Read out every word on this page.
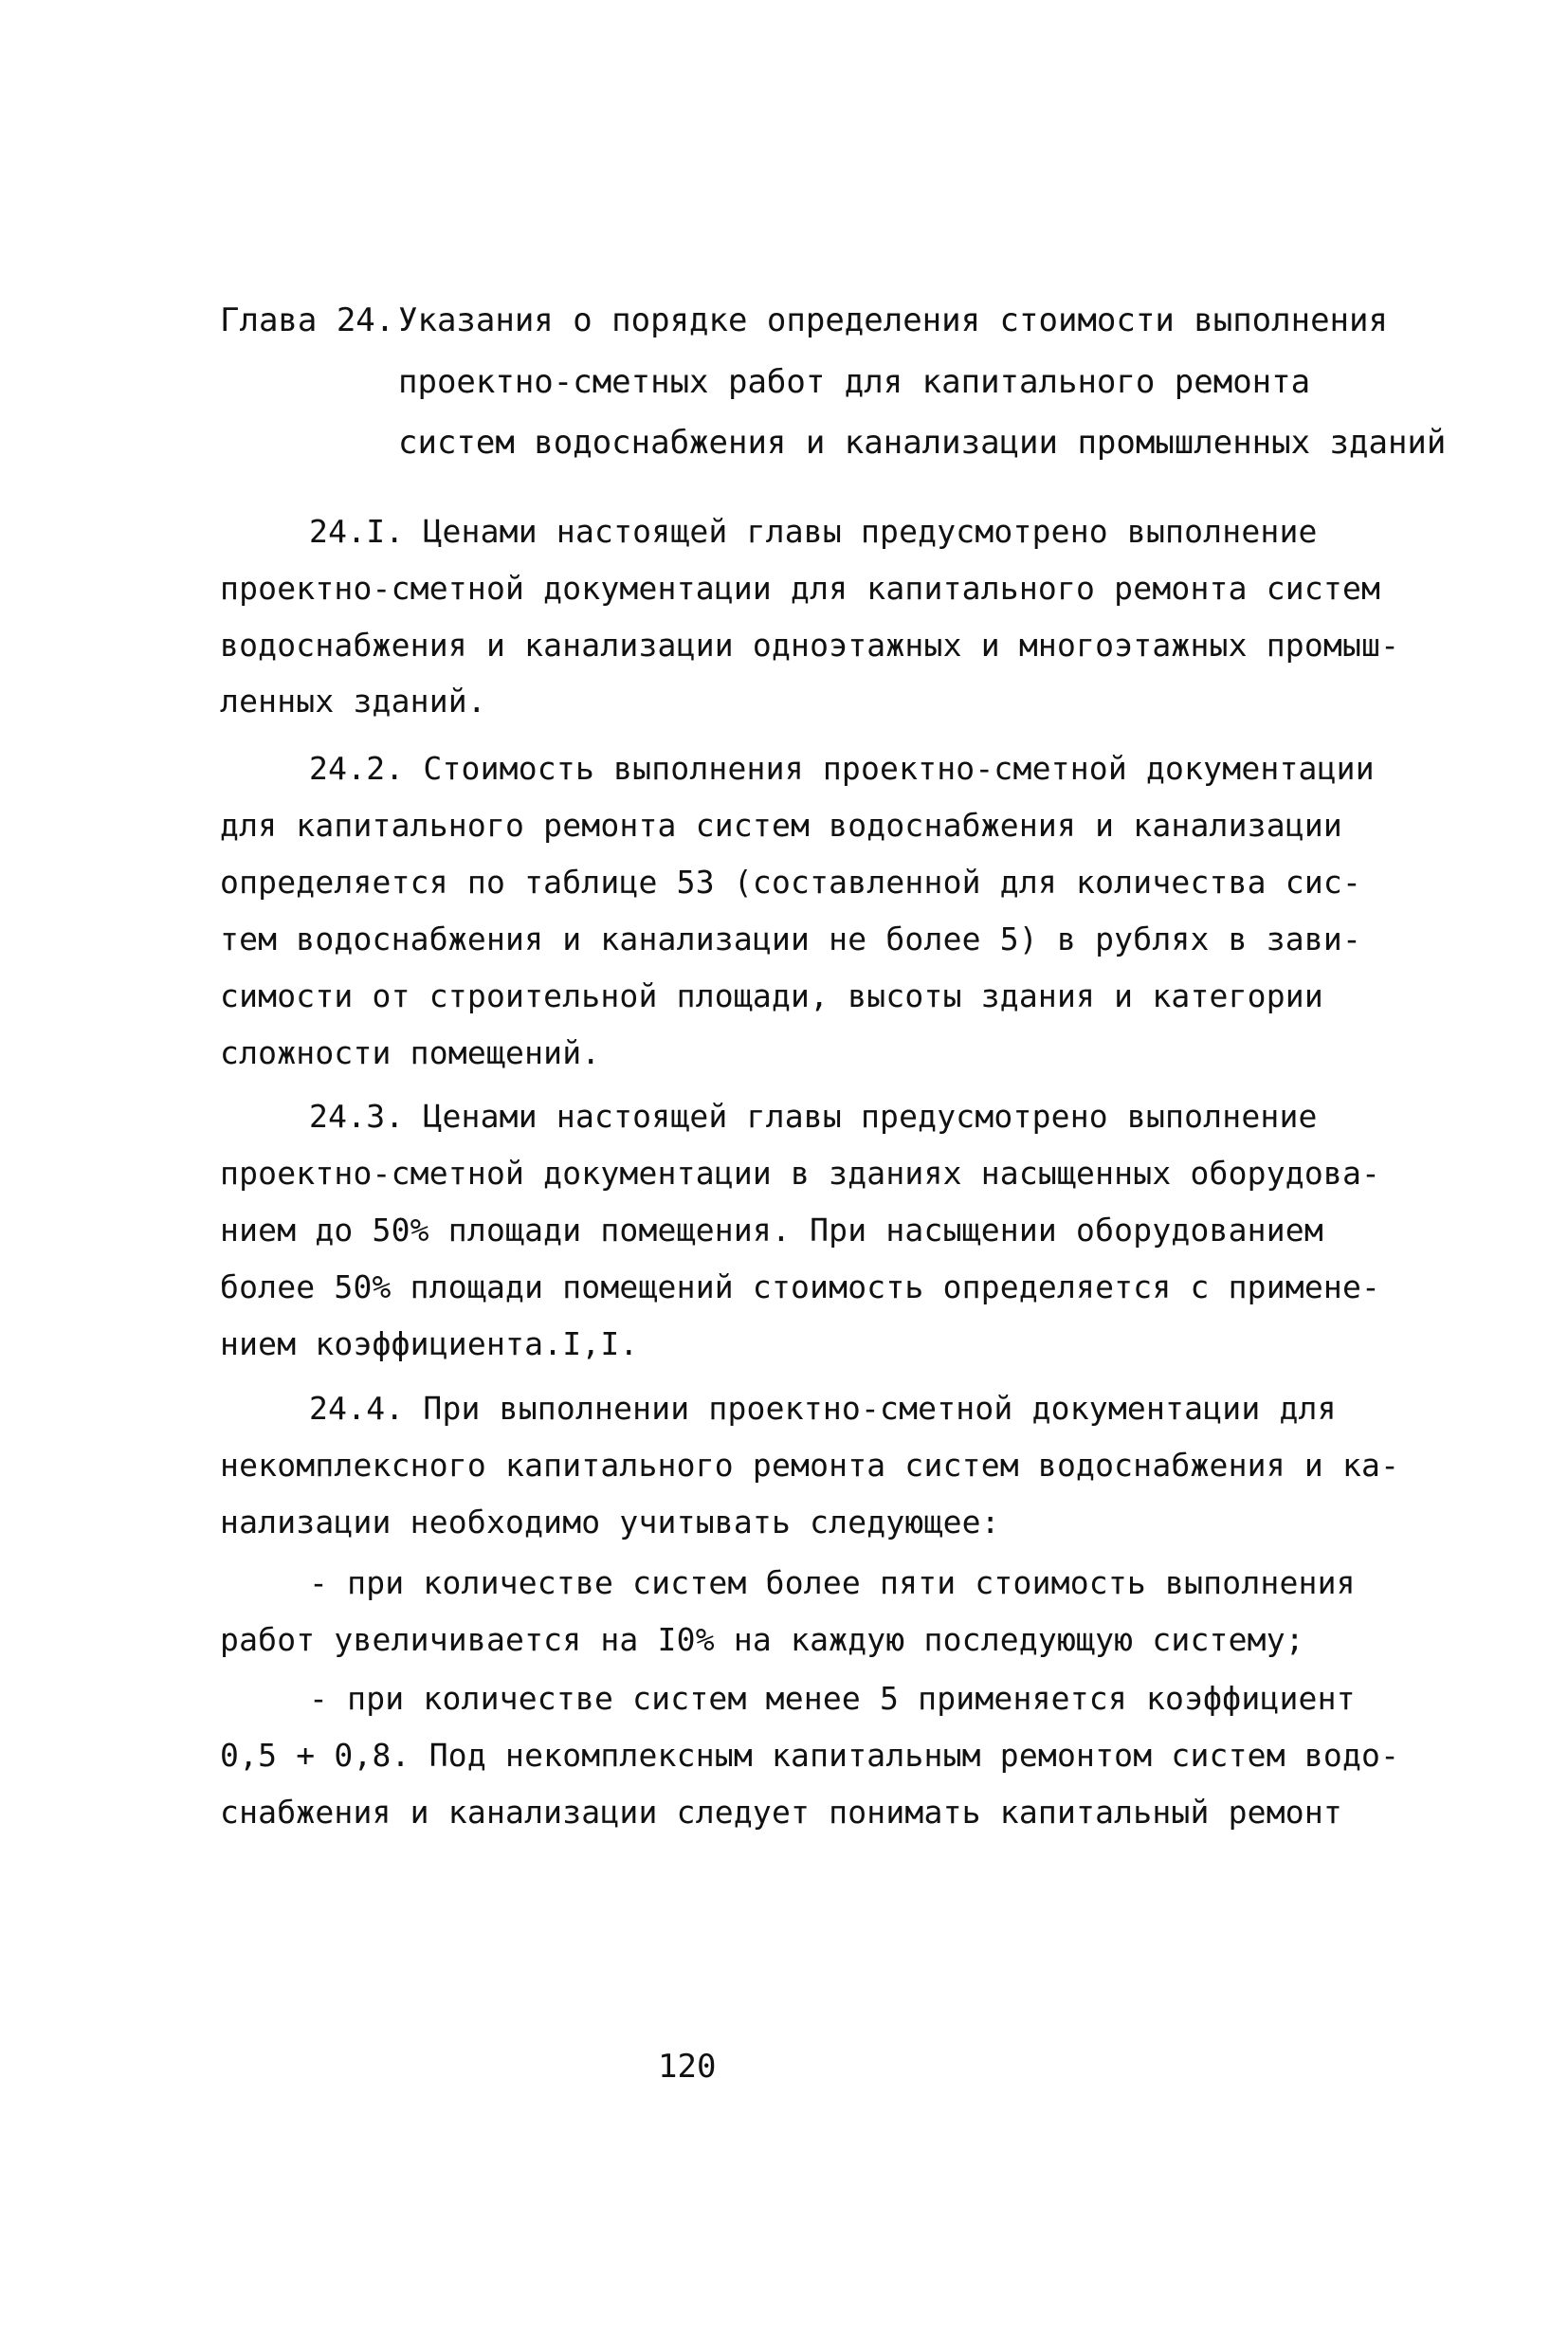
Глава 24. Указания о порядке определения стоимости выполнения
проектно-сметных работ для капитального ремонта
систем водоснабжения и канализации промышленных зданий
24.I. Ценами настоящей главы предусмотрено выполнение
проектно-сметной документации для капитального ремонта систем
водоснабжения и канализации одноэтажных и многоэтажных промыш-
ленных зданий.
24.2. Стоимость выполнения проектно-сметной документации
для капитального ремонта систем водоснабжения и канализации
определяется по таблице 53 (составленной для количества сис-
тем водоснабжения и канализации не более 5) в рублях в зави-
симости от строительной площади, высоты здания и категории
сложности помещений.
24.3. Ценами настоящей главы предусмотрено выполнение
проектно-сметной документации в зданиях насыщенных оборудова-
нием до 50% площади помещения. При насыщении оборудованием
более 50% площади помещений стоимость определяется с примене-
нием коэффициента.I,I.
24.4. При выполнении проектно-сметной документации для
некомплексного капитального ремонта систем водоснабжения и ка-
нализации необходимо учитывать следующее:
- при количестве систем более пяти стоимость выполнения
работ увеличивается на I0% на каждую последующую систему;
- при количестве систем менее 5 применяется коэффициент
0,5 + 0,8. Под некомплексным капитальным ремонтом систем водо-
снабжения и канализации следует понимать капитальный ремонт
120
